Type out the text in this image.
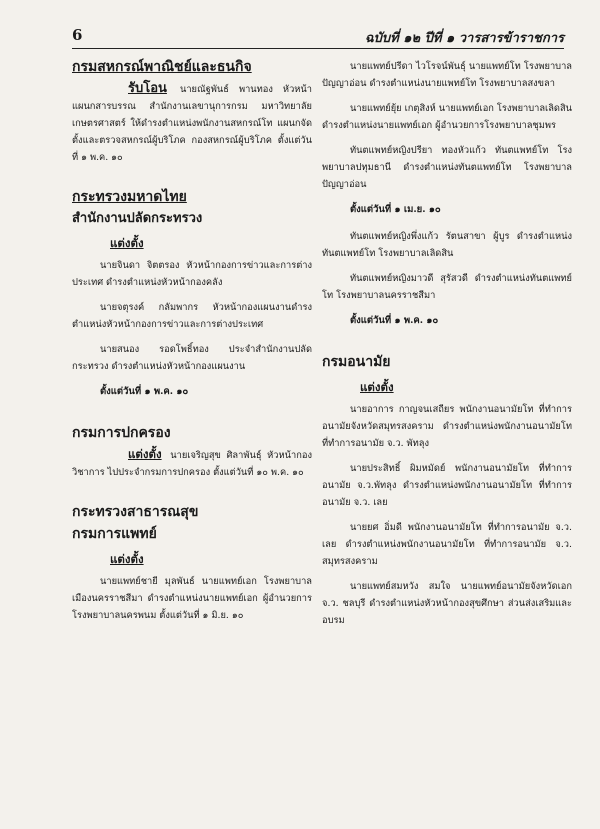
6	ฉบับที่ ๑๒ ปีที่ ๑ วารสารข้าราชการ
กรมสหกรณ์พาณิชย์และธนกิจ

รับโอน นายณัฐพันธ์ พานทอง หัวหน้าแผนกสารบรรณ สำนักงานเลขานุการกรม มหาวิทยาลัยเกษตรศาสตร์ ให้ดำรงตำแหน่งพนักงานสหกรณ์โท แผนกจัดตั้งและตรวจสหกรณ์ผู้บริโภค กองสหกรณ์ผู้บริโภค ตั้งแต่วันที่ ๑ พ.ค. ๑๐

กระทรวงมหาดไทย
สำนักงานปลัดกระทรวง
แต่งตั้ง

นายจินดา จิตตรอง หัวหน้ากองการข่าวและการต่างประเทศ ดำรงตำแหน่งหัวหน้ากองคลัง

นายจตุรงค์ กลัมพากร หัวหน้ากองแผนงานดำรงตำแหน่งหัวหน้ากองการข่าวและการต่างประเทศ

นายสนอง รอดโพธิ์ทอง ประจำสำนักงานปลัดกระทรวง ดำรงตำแหน่งหัวหน้ากองแผนงาน

ตั้งแต่วันที่ ๑ พ.ค. ๑๐
กรมการปกครอง

แต่งตั้ง นายเจริญสุข ศิลาพันธุ์ หัวหน้ากองวิชาการ ไปประจำกรมการปกครอง ตั้งแต่วันที่ ๑๐ พ.ค. ๑๐

กระทรวงสาธารณสุข
กรมการแพทย์
แต่งตั้ง

นายแพทย์ชายี มุลพันธ์ นายแพทย์เอก โรงพยาบาลเมืองนครราชสีมา ดำรงตำแหน่งนายแพทย์เอก ผู้อำนวยการโรงพยาบาลนครพนม ตั้งแต่วันที่ ๑ มิ.ย. ๑๐

นายแพทย์ปรีดา ไวโรจน์พันธุ์ นายแพทย์โท โรงพยาบาลปัญญาอ่อน ดำรงตำแหน่งนายแพทย์โท โรงพยาบาลสงขลา

นายแพทย์ยุ้ย เกตุสิงห์ นายแพทย์เอก โรงพยาบาลเลิดสิน ดำรงตำแหน่งนายแพทย์เอก ผู้อำนวยการโรงพยาบาลชุมพร

ทันตแพทย์หญิงปรียา ทองหัวแก้ว ทันตแพทย์โท โรงพยาบาลปทุมธานี ดำรงตำแหน่งทันตแพทย์โท โรงพยาบาลปัญญาอ่อน

ตั้งแต่วันที่ ๑ เม.ย. ๑๐

ทันตแพทย์หญิงพึ่งแก้ว รัตนสาขา ผู้บูร ดำรงตำแหน่งทันตแพทย์โท โรงพยาบาลเลิดสิน

ทันตแพทย์หญิงมาวดี สุรัสวดี ดำรงตำแหน่งทันตแพทย์โท โรงพยาบาลนครราชสีมา

ตั้งแต่วันที่ ๑ พ.ค. ๑๐
กรมอนามัย
แต่งตั้ง

นายอาการ กาญจนเสถียร พนักงานอนามัยโท ที่ทำการอนามัยจังหวัดสมุทรสงคราม ดำรงตำแหน่งพนักงานอนามัยโท ที่ทำการอนามัย จ.ว. พัทลุง

นายประสิทธิ์ ผิมหมัดย์ พนักงานอนามัยโท ที่ทำการอนามัย จ.ว.พัทลุง ดำรงตำแหน่งพนักงานอนามัยโท ที่ทำการอนามัย จ.ว. เลย

นายยศ อิ่มดี พนักงานอนามัยโท ที่ทำการอนามัย จ.ว. เลย ดำรงตำแหน่งพนักงานอนามัยโท ที่ทำการอนามัย จ.ว. สมุทรสงคราม

นายแพทย์สมหวัง สมใจ นายแพทย์อนามัยจังหวัดเอก จ.ว. ชลบุรี ดำรงตำแหน่งหัวหน้ากองสุขศึกษา ส่วนส่งเสริมและอบรม
